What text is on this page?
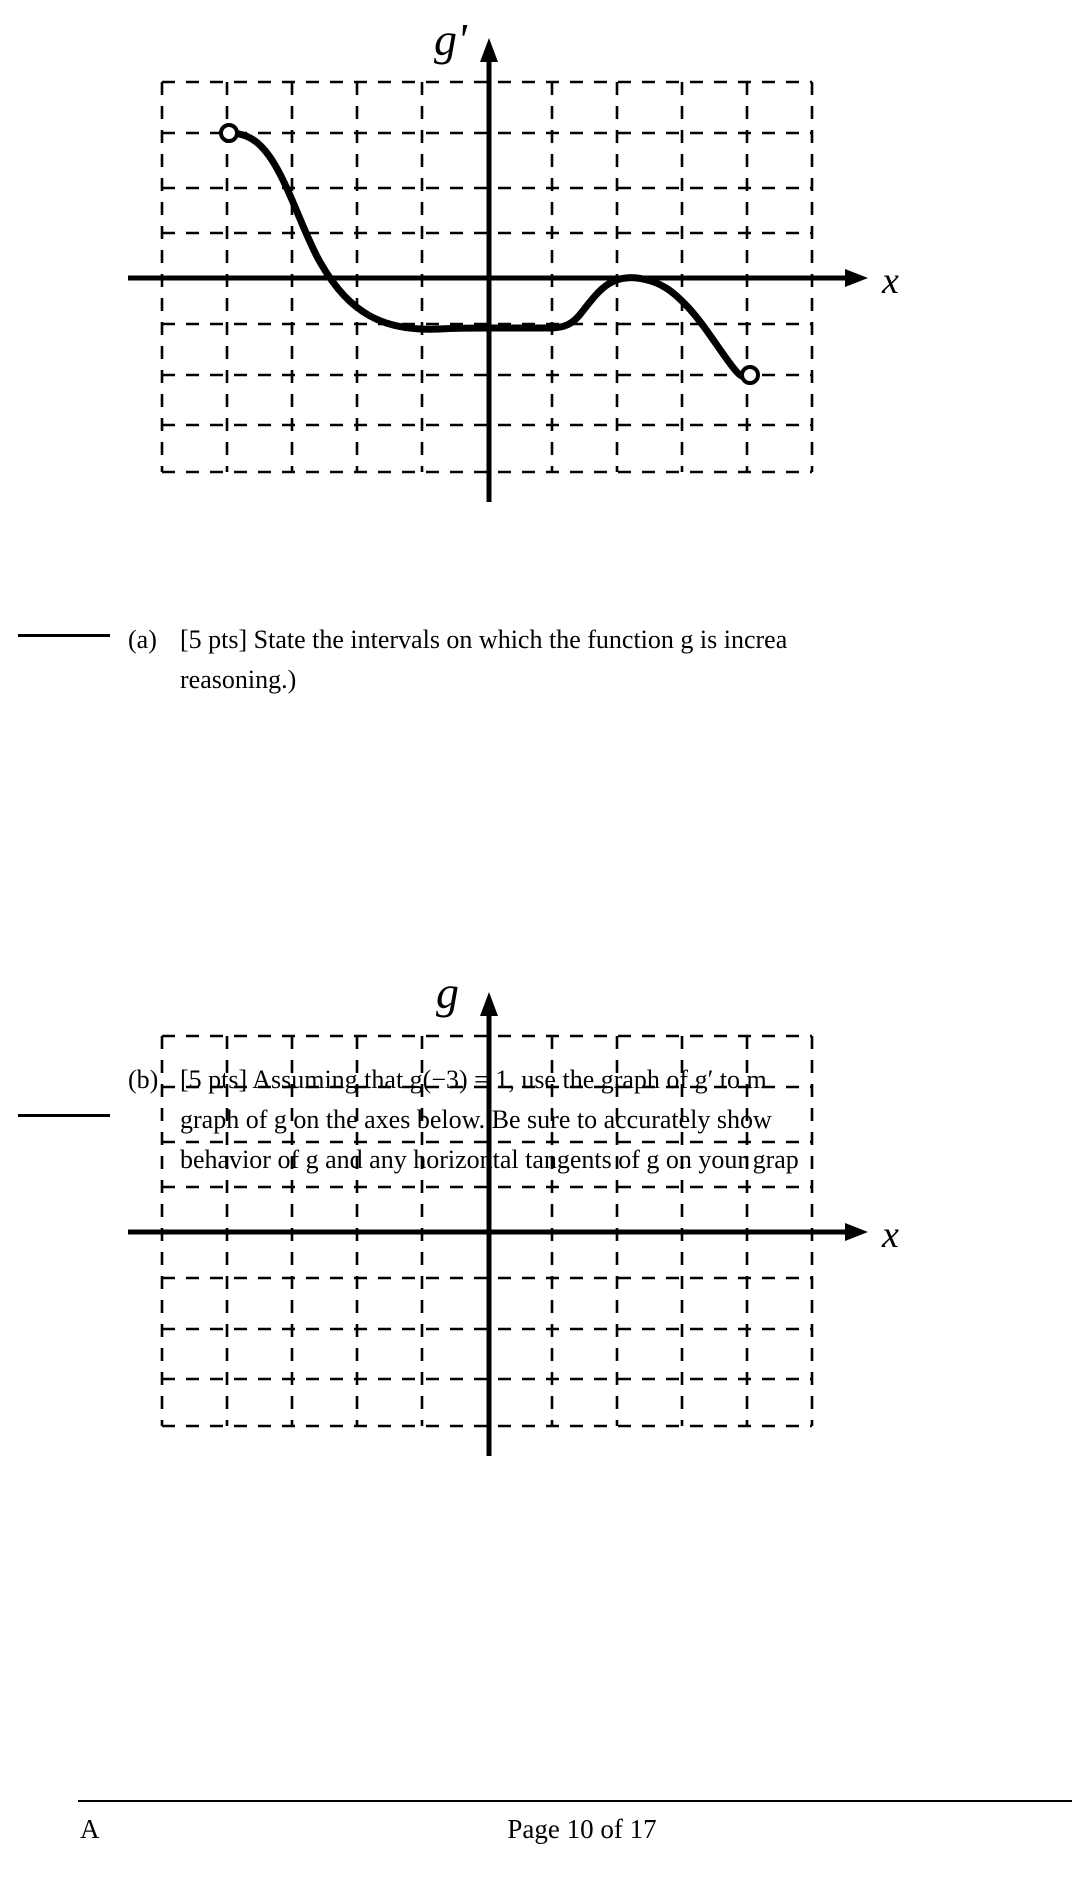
x
g'
(a) [5 pts] State the intervals on which the function g is increa
reasoning.)
(b) [5 pts] Assuming that g(−3) = 1, use the graph of g′ to m
graph of g on the axes below. Be sure to accurately show
behavior of g and any horizontal tangents of g on your grap
x
g
A	Page 10 of 17
